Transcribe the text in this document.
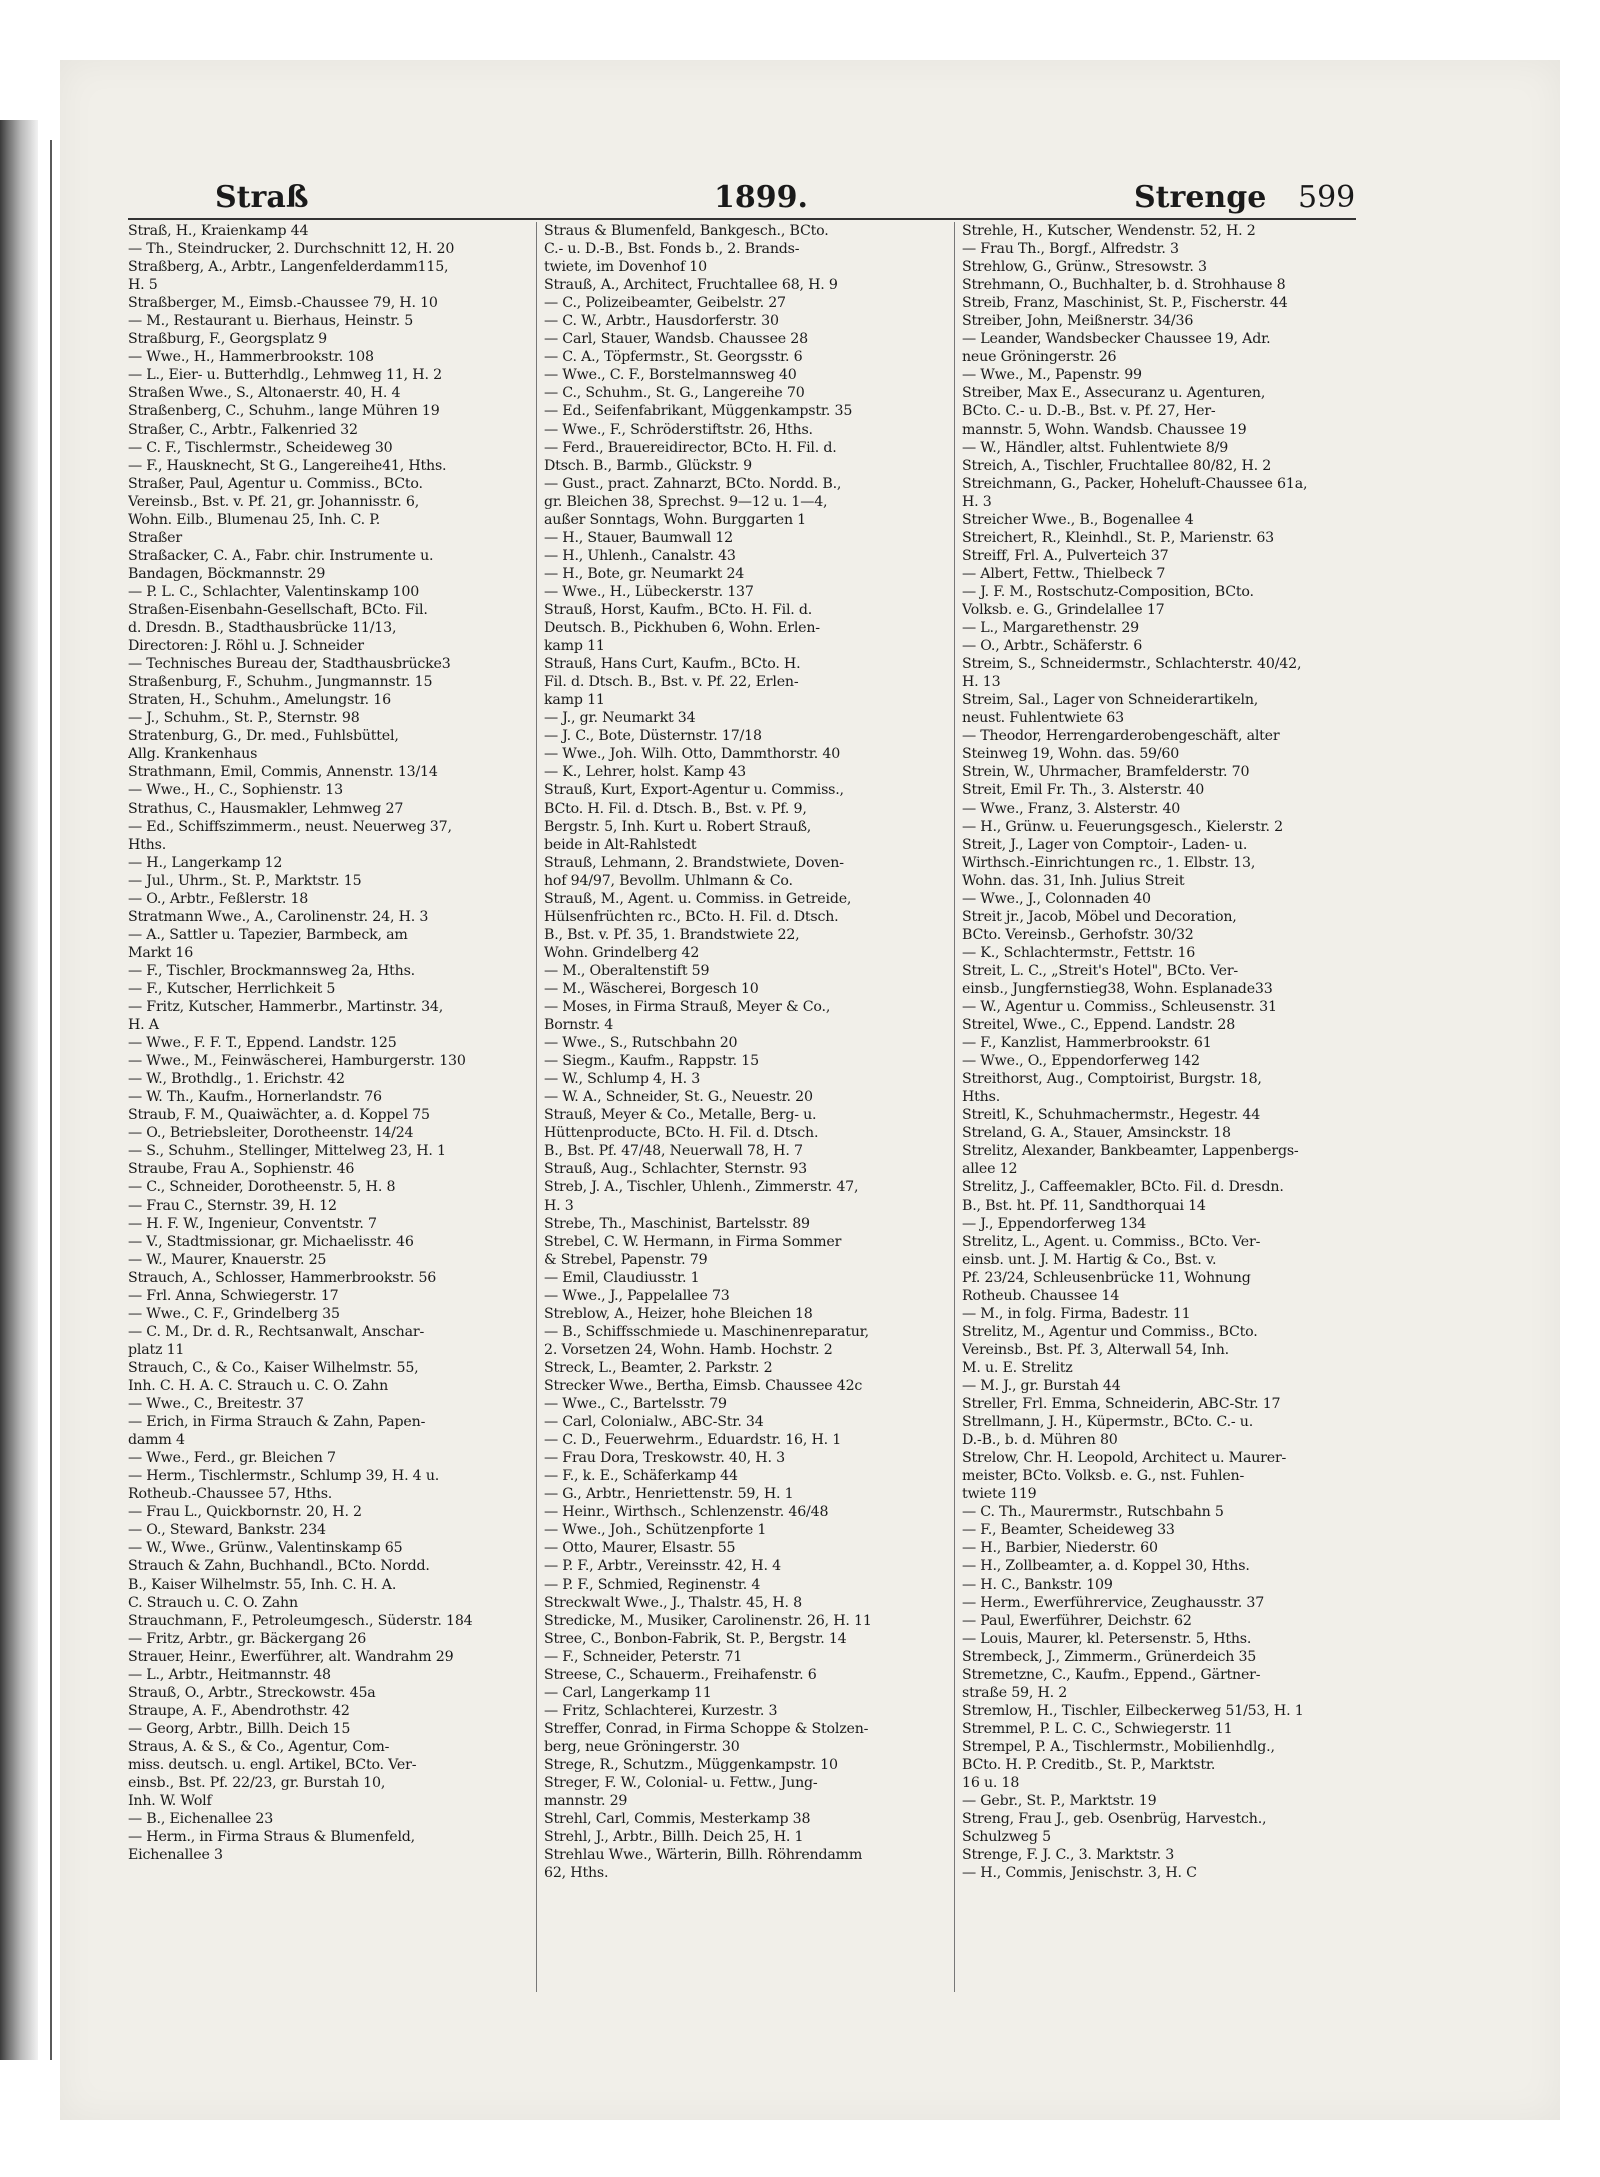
Straß	1899.	Strenge 599
Straß, H., Kraienkamp 44
— Th., Steindrucker, 2. Durchschnitt 12, H. 20
Straßberg, A., Arbtr., Langenfelderdamm115,
H. 5
Straßberger, M., Eimsb.-Chaussee 79, H. 10
— M., Restaurant u. Bierhaus, Heinstr. 5
Straßburg, F., Georgsplatz 9
— Wwe., H., Hammerbrookstr. 108
— L., Eier- u. Butterhdlg., Lehmweg 11, H. 2
Straßen Wwe., S., Altonaerstr. 40, H. 4
Straßenberg, C., Schuhm., lange Mühren 19
Straßer, C., Arbtr., Falkenried 32
— C. F., Tischlermstr., Scheideweg 30
— F., Hausknecht, St G., Langereihe41, Hths.
Straßer, Paul, Agentur u. Commiss., BCto.
Vereinsb., Bst. v. Pf. 21, gr. Johannisstr. 6,
Wohn. Eilb., Blumenau 25, Inh. C. P.
Straßer
Straßacker, C. A., Fabr. chir. Instrumente u.
Bandagen, Böckmannstr. 29
— P. L. C., Schlachter, Valentinskamp 100
Straßen-Eisenbahn-Gesellschaft, BCto. Fil.
d. Dresdn. B., Stadthausbrücke 11/13,
Directoren: J. Röhl u. J. Schneider
— Technisches Bureau der, Stadthausbrücke3
Straßenburg, F., Schuhm., Jungmannstr. 15
Straten, H., Schuhm., Amelungstr. 16
— J., Schuhm., St. P., Sternstr. 98
Stratenburg, G., Dr. med., Fuhlsbüttel,
Allg. Krankenhaus
Strathmann, Emil, Commis, Annenstr. 13/14
— Wwe., H., C., Sophienstr. 13
Strathus, C., Hausmakler, Lehmweg 27
— Ed., Schiffszimmerm., neust. Neuerweg 37,
Hths.
— H., Langerkamp 12
— Jul., Uhrm., St. P., Marktstr. 15
— O., Arbtr., Feßlerstr. 18
Stratmann Wwe., A., Carolinenstr. 24, H. 3
— A., Sattler u. Tapezier, Barmbeck, am
Markt 16
— F., Tischler, Brockmannsweg 2a, Hths.
— F., Kutscher, Herrlichkeit 5
— Fritz, Kutscher, Hammerbr., Martinstr. 34,
H. A
— Wwe., F. F. T., Eppend. Landstr. 125
— Wwe., M., Feinwäscherei, Hamburgerstr. 130
— W., Brothdlg., 1. Erichstr. 42
— W. Th., Kaufm., Hornerlandstr. 76
Straub, F. M., Quaiwächter, a. d. Koppel 75
— O., Betriebsleiter, Dorotheenstr. 14/24
— S., Schuhm., Stellinger, Mittelweg 23, H. 1
Straube, Frau A., Sophienstr. 46
— C., Schneider, Dorotheenstr. 5, H. 8
— Frau C., Sternstr. 39, H. 12
— H. F. W., Ingenieur, Conventstr. 7
— V., Stadtmissionar, gr. Michaelisstr. 46
— W., Maurer, Knauerstr. 25
Strauch, A., Schlosser, Hammerbrookstr. 56
— Frl. Anna, Schwiegerstr. 17
— Wwe., C. F., Grindelberg 35
— C. M., Dr. d. R., Rechtsanwalt, Anschar-
platz 11
Strauch, C., & Co., Kaiser Wilhelmstr. 55,
Inh. C. H. A. C. Strauch u. C. O. Zahn
— Wwe., C., Breitestr. 37
— Erich, in Firma Strauch & Zahn, Papen-
damm 4
— Wwe., Ferd., gr. Bleichen 7
— Herm., Tischlermstr., Schlump 39, H. 4 u.
Rotheub.-Chaussee 57, Hths.
— Frau L., Quickbornstr. 20, H. 2
— O., Steward, Bankstr. 234
— W., Wwe., Grünw., Valentinskamp 65
Strauch & Zahn, Buchhandl., BCto. Nordd.
B., Kaiser Wilhelmstr. 55, Inh. C. H. A.
C. Strauch u. C. O. Zahn
Strauchmann, F., Petroleumgesch., Süderstr. 184
— Fritz, Arbtr., gr. Bäckergang 26
Strauer, Heinr., Ewerführer, alt. Wandrahm 29
— L., Arbtr., Heitmannstr. 48
Strauß, O., Arbtr., Streckowstr. 45a
Straupe, A. F., Abendrothstr. 42
— Georg, Arbtr., Billh. Deich 15
Straus, A. & S., & Co., Agentur, Com-
miss. deutsch. u. engl. Artikel, BCto. Ver-
einsb., Bst. Pf. 22/23, gr. Burstah 10,
Inh. W. Wolf
— B., Eichenallee 23
— Herm., in Firma Straus & Blumenfeld,
Eichenallee 3
Straus & Blumenfeld, Bankgesch., BCto.
C.- u. D.-B., Bst. Fonds b., 2. Brands-
twiete, im Dovenhof 10
Strauß, A., Architect, Fruchtallee 68, H. 9
— C., Polizeibeamter, Geibelstr. 27
— C. W., Arbtr., Hausdorferstr. 30
— Carl, Stauer, Wandsb. Chaussee 28
— C. A., Töpfermstr., St. Georgsstr. 6
— Wwe., C. F., Borstelmannsweg 40
— C., Schuhm., St. G., Langereihe 70
— Ed., Seifenfabrikant, Müggenkampstr. 35
— Wwe., F., Schröderstiftstr. 26, Hths.
— Ferd., Brauereidirector, BCto. H. Fil. d.
Dtsch. B., Barmb., Glückstr. 9
— Gust., pract. Zahnarzt, BCto. Nordd. B.,
gr. Bleichen 38, Sprechst. 9—12 u. 1—4,
außer Sonntags, Wohn. Burggarten 1
— H., Stauer, Baumwall 12
— H., Uhlenh., Canalstr. 43
— H., Bote, gr. Neumarkt 24
— Wwe., H., Lübeckerstr. 137
Strauß, Horst, Kaufm., BCto. H. Fil. d.
Deutsch. B., Pickhuben 6, Wohn. Erlen-
kamp 11
Strauß, Hans Curt, Kaufm., BCto. H.
Fil. d. Dtsch. B., Bst. v. Pf. 22, Erlen-
kamp 11
— J., gr. Neumarkt 34
— J. C., Bote, Düsternstr. 17/18
— Wwe., Joh. Wilh. Otto, Dammthorstr. 40
— K., Lehrer, holst. Kamp 43
Strauß, Kurt, Export-Agentur u. Commiss.,
BCto. H. Fil. d. Dtsch. B., Bst. v. Pf. 9,
Bergstr. 5, Inh. Kurt u. Robert Strauß,
beide in Alt-Rahlstedt
Strauß, Lehmann, 2. Brandstwiete, Doven-
hof 94/97, Bevollm. Uhlmann & Co.
Strauß, M., Agent. u. Commiss. in Getreide,
Hülsenfrüchten rc., BCto. H. Fil. d. Dtsch.
B., Bst. v. Pf. 35, 1. Brandstwiete 22,
Wohn. Grindelberg 42
— M., Oberaltenstift 59
— M., Wäscherei, Borgesch 10
— Moses, in Firma Strauß, Meyer & Co.,
Bornstr. 4
— Wwe., S., Rutschbahn 20
— Siegm., Kaufm., Rappstr. 15
— W., Schlump 4, H. 3
— W. A., Schneider, St. G., Neuestr. 20
Strauß, Meyer & Co., Metalle, Berg- u.
Hüttenproducte, BCto. H. Fil. d. Dtsch.
B., Bst. Pf. 47/48, Neuerwall 78, H. 7
Strauß, Aug., Schlachter, Sternstr. 93
Streb, J. A., Tischler, Uhlenh., Zimmerstr. 47,
H. 3
Strebe, Th., Maschinist, Bartelsstr. 89
Strebel, C. W. Hermann, in Firma Sommer
& Strebel, Papenstr. 79
— Emil, Claudiusstr. 1
— Wwe., J., Pappelallee 73
Streblow, A., Heizer, hohe Bleichen 18
— B., Schiffsschmiede u. Maschinenreparatur,
2. Vorsetzen 24, Wohn. Hamb. Hochstr. 2
Streck, L., Beamter, 2. Parkstr. 2
Strecker Wwe., Bertha, Eimsb. Chaussee 42c
— Wwe., C., Bartelsstr. 79
— Carl, Colonialw., ABC-Str. 34
— C. D., Feuerwehrm., Eduardstr. 16, H. 1
— Frau Dora, Treskowstr. 40, H. 3
— F., k. E., Schäferkamp 44
— G., Arbtr., Henriettenstr. 59, H. 1
— Heinr., Wirthsch., Schlenzenstr. 46/48
— Wwe., Joh., Schützenpforte 1
— Otto, Maurer, Elsastr. 55
— P. F., Arbtr., Vereinsstr. 42, H. 4
— P. F., Schmied, Reginenstr. 4
Streckwalt Wwe., J., Thalstr. 45, H. 8
Stredicke, M., Musiker, Carolinenstr. 26, H. 11
Stree, C., Bonbon-Fabrik, St. P., Bergstr. 14
— F., Schneider, Peterstr. 71
Streese, C., Schauerm., Freihafenstr. 6
— Carl, Langerkamp 11
— Fritz, Schlachterei, Kurzestr. 3
Streffer, Conrad, in Firma Schoppe & Stolzen-
berg, neue Gröningerstr. 30
Strege, R., Schutzm., Müggenkampstr. 10
Streger, F. W., Colonial- u. Fettw., Jung-
mannstr. 29
Strehl, Carl, Commis, Mesterkamp 38
Strehl, J., Arbtr., Billh. Deich 25, H. 1
Strehlau Wwe., Wärterin, Billh. Röhrendamm
62, Hths.
Strehle, H., Kutscher, Wendenstr. 52, H. 2
— Frau Th., Borgf., Alfredstr. 3
Strehlow, G., Grünw., Stresowstr. 3
Strehmann, O., Buchhalter, b. d. Strohhause 8
Streib, Franz, Maschinist, St. P., Fischerstr. 44
Streiber, John, Meißnerstr. 34/36
— Leander, Wandsbecker Chaussee 19, Adr.
neue Gröningerstr. 26
— Wwe., M., Papenstr. 99
Streiber, Max E., Assecuranz u. Agenturen,
BCto. C.- u. D.-B., Bst. v. Pf. 27, Her-
mannstr. 5, Wohn. Wandsb. Chaussee 19
— W., Händler, altst. Fuhlentwiete 8/9
Streich, A., Tischler, Fruchtallee 80/82, H. 2
Streichmann, G., Packer, Hoheluft-Chaussee 61a,
H. 3
Streicher Wwe., B., Bogenallee 4
Streichert, R., Kleinhdl., St. P., Marienstr. 63
Streiff, Frl. A., Pulverteich 37
— Albert, Fettw., Thielbeck 7
— J. F. M., Rostschutz-Composition, BCto.
Volksb. e. G., Grindelallee 17
— L., Margarethenstr. 29
— O., Arbtr., Schäferstr. 6
Streim, S., Schneidermstr., Schlachterstr. 40/42,
H. 13
Streim, Sal., Lager von Schneiderartikeln,
neust. Fuhlentwiete 63
— Theodor, Herrengarderobengeschäft, alter
Steinweg 19, Wohn. das. 59/60
Strein, W., Uhrmacher, Bramfelderstr. 70
Streit, Emil Fr. Th., 3. Alsterstr. 40
— Wwe., Franz, 3. Alsterstr. 40
— H., Grünw. u. Feuerungsgesch., Kielerstr. 2
Streit, J., Lager von Comptoir-, Laden- u.
Wirthsch.-Einrichtungen rc., 1. Elbstr. 13,
Wohn. das. 31, Inh. Julius Streit
— Wwe., J., Colonnaden 40
Streit jr., Jacob, Möbel und Decoration,
BCto. Vereinsb., Gerhofstr. 30/32
— K., Schlachtermstr., Fettstr. 16
Streit, L. C., „Streit's Hotel", BCto. Ver-
einsb., Jungfernstieg38, Wohn. Esplanade33
— W., Agentur u. Commiss., Schleusenstr. 31
Streitel, Wwe., C., Eppend. Landstr. 28
— F., Kanzlist, Hammerbrookstr. 61
— Wwe., O., Eppendorferweg 142
Streithorst, Aug., Comptoirist, Burgstr. 18,
Hths.
Streitl, K., Schuhmachermstr., Hegestr. 44
Streland, G. A., Stauer, Amsinckstr. 18
Strelitz, Alexander, Bankbeamter, Lappenbergs-
allee 12
Strelitz, J., Caffeemakler, BCto. Fil. d. Dresdn.
B., Bst. ht. Pf. 11, Sandthorquai 14
— J., Eppendorferweg 134
Strelitz, L., Agent. u. Commiss., BCto. Ver-
einsb. unt. J. M. Hartig & Co., Bst. v.
Pf. 23/24, Schleusenbrücke 11, Wohnung
Rotheub. Chaussee 14
— M., in folg. Firma, Badestr. 11
Strelitz, M., Agentur und Commiss., BCto.
Vereinsb., Bst. Pf. 3, Alterwall 54, Inh.
M. u. E. Strelitz
— M. J., gr. Burstah 44
Streller, Frl. Emma, Schneiderin, ABC-Str. 17
Strellmann, J. H., Küpermstr., BCto. C.- u.
D.-B., b. d. Mühren 80
Strelow, Chr. H. Leopold, Architect u. Maurer-
meister, BCto. Volksb. e. G., nst. Fuhlen-
twiete 119
— C. Th., Maurermstr., Rutschbahn 5
— F., Beamter, Scheideweg 33
— H., Barbier, Niederstr. 60
— H., Zollbeamter, a. d. Koppel 30, Hths.
— H. C., Bankstr. 109
— Herm., Ewerführervice, Zeughausstr. 37
— Paul, Ewerführer, Deichstr. 62
— Louis, Maurer, kl. Petersenstr. 5, Hths.
Strembeck, J., Zimmerm., Grünerdeich 35
Stremetzne, C., Kaufm., Eppend., Gärtner-
straße 59, H. 2
Stremlow, H., Tischler, Eilbeckerweg 51/53, H. 1
Stremmel, P. L. C. C., Schwiegerstr. 11
Strempel, P. A., Tischlermstr., Mobilienhdlg.,
BCto. H. P. Creditb., St. P., Marktstr.
16 u. 18
— Gebr., St. P., Marktstr. 19
Streng, Frau J., geb. Osenbrüg, Harvestch.,
Schulzweg 5
Strenge, F. J. C., 3. Marktstr. 3
— H., Commis, Jenischstr. 3, H. C
